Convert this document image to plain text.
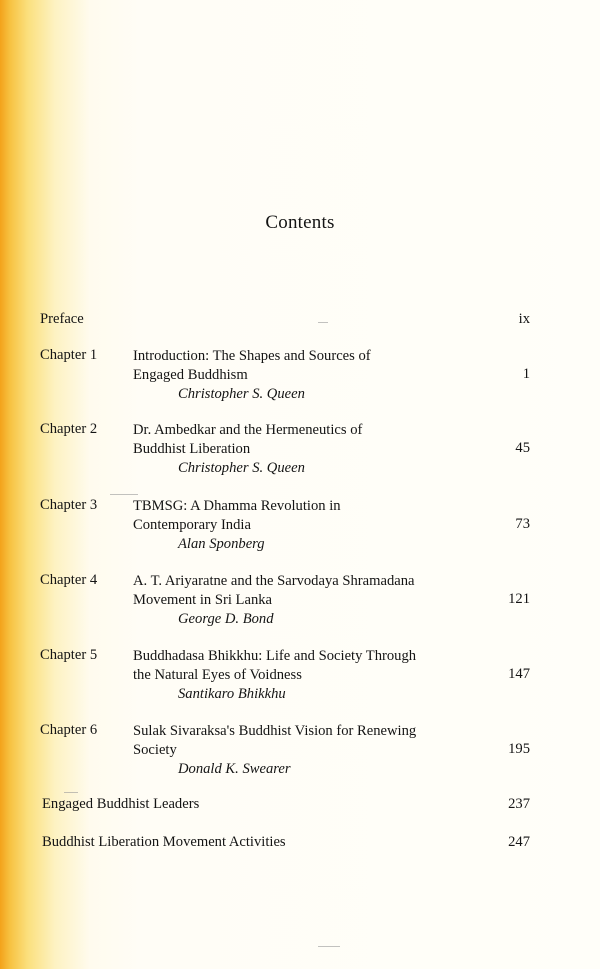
Contents
Preface	ix
Chapter 1 Introduction: The Shapes and Sources of
Engaged Buddhism
Christopher S. Queen
1
Chapter 2 Dr. Ambedkar and the Hermeneutics of
Buddhist Liberation
Christopher S. Queen
45
Chapter 3 TBMSG: A Dhamma Revolution in
Contemporary India
Alan Sponberg
73
Chapter 4 A. T. Ariyaratne and the Sarvodaya Shramadana
Movement in Sri Lanka
George D. Bond
121
Chapter 5 Buddhadasa Bhikkhu: Life and Society Through
the Natural Eyes of Voidness
Santikaro Bhikkhu
147
Chapter 6 Sulak Sivaraksa's Buddhist Vision for Renewing
Society
Donald K. Swearer
195
Engaged Buddhist Leaders	237
Buddhist Liberation Movement Activities	247
